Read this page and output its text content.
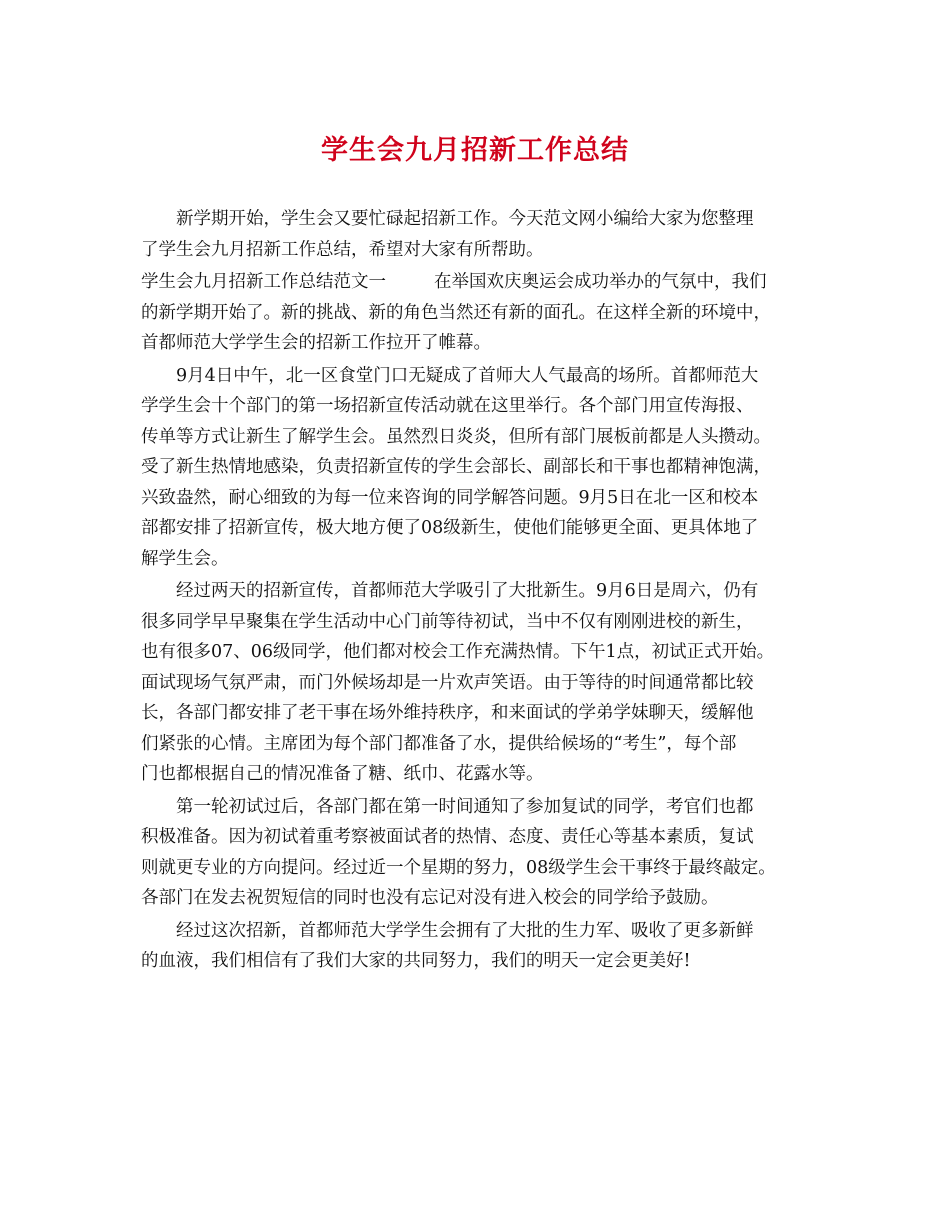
学生会九月招新工作总结
新学期开始，学生会又要忙碌起招新工作。今天范文网小编给大家为您整理
了学生会九月招新工作总结，希望对大家有所帮助。
学生会九月招新工作总结范文一	在举国欢庆奥运会成功举办的气氛中，我们
的新学期开始了。新的挑战、新的角色当然还有新的面孔。在这样全新的环境中，
首都师范大学学生会的招新工作拉开了帷幕。
9月4日中午，北一区食堂门口无疑成了首师大人气最高的场所。首都师范大
学学生会十个部门的第一场招新宣传活动就在这里举行。各个部门用宣传海报、
传单等方式让新生了解学生会。虽然烈日炎炎，但所有部门展板前都是人头攒动。
受了新生热情地感染，负责招新宣传的学生会部长、副部长和干事也都精神饱满，
兴致盎然，耐心细致的为每一位来咨询的同学解答问题。9月5日在北一区和校本
部都安排了招新宣传，极大地方便了08级新生，使他们能够更全面、更具体地了
解学生会。
经过两天的招新宣传，首都师范大学吸引了大批新生。9月6日是周六，仍有
很多同学早早聚集在学生活动中心门前等待初试，当中不仅有刚刚进校的新生，
也有很多07、06级同学，他们都对校会工作充满热情。下午1点，初试正式开始。
面试现场气氛严肃，而门外候场却是一片欢声笑语。由于等待的时间通常都比较
长，各部门都安排了老干事在场外维持秩序，和来面试的学弟学妹聊天，缓解他
们紧张的心情。主席团为每个部门都准备了水，提供给候场的“考生”，每个部
门也都根据自己的情况准备了糖、纸巾、花露水等。
第一轮初试过后，各部门都在第一时间通知了参加复试的同学，考官们也都
积极准备。因为初试着重考察被面试者的热情、态度、责任心等基本素质，复试
则就更专业的方向提问。经过近一个星期的努力，08级学生会干事终于最终敲定。
各部门在发去祝贺短信的同时也没有忘记对没有进入校会的同学给予鼓励。
经过这次招新，首都师范大学学生会拥有了大批的生力军、吸收了更多新鲜
的血液，我们相信有了我们大家的共同努力，我们的明天一定会更美好!
